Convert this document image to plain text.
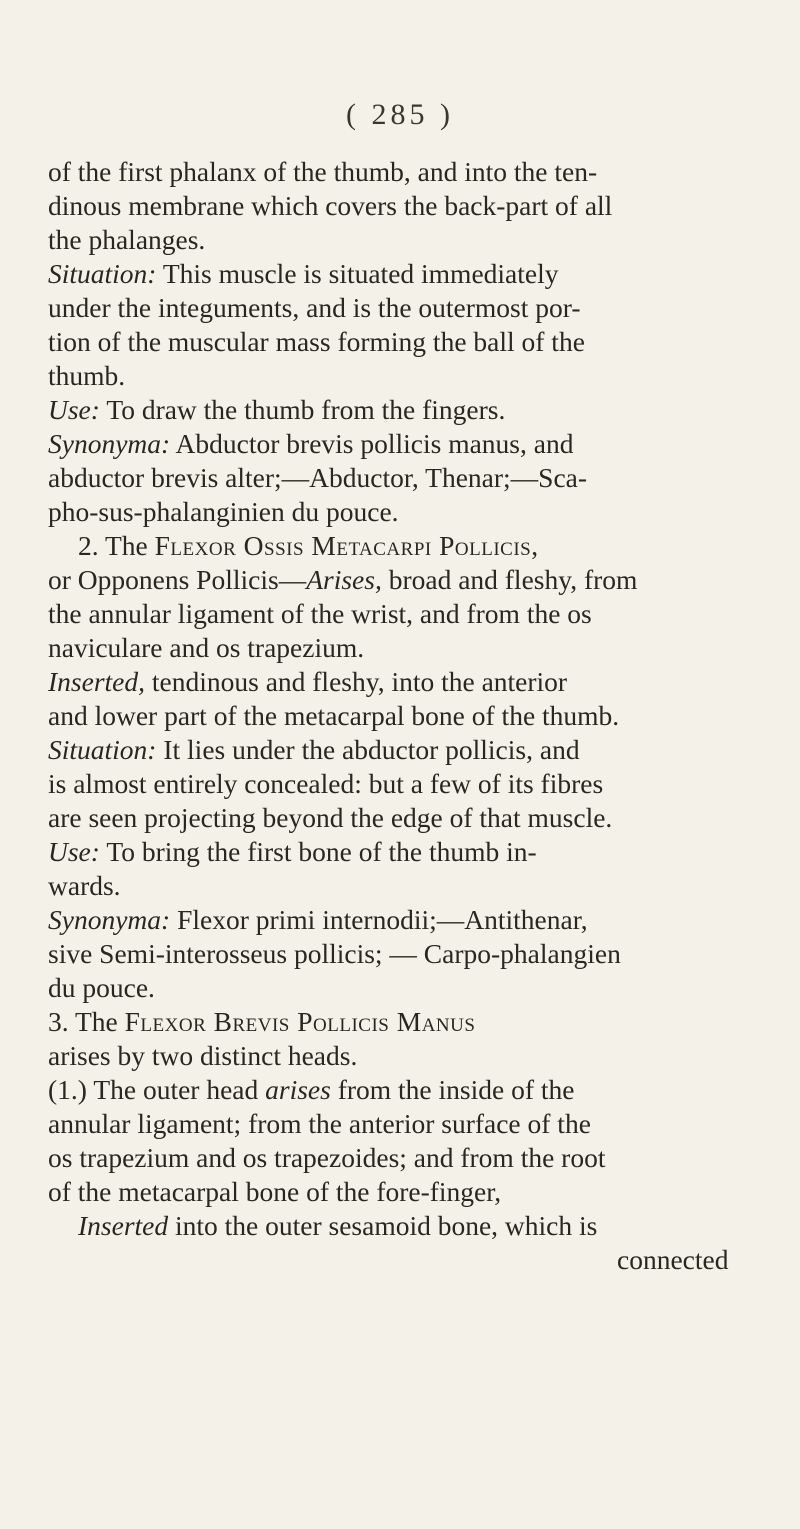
( 285 )
of the first phalanx of the thumb, and into the ten-
dinous membrane which covers the back-part of all
the phalanges.
Situation: This muscle is situated immediately
under the integuments, and is the outermost por-
tion of the muscular mass forming the ball of the
thumb.
Use: To draw the thumb from the fingers.
Synonyma: Abductor brevis pollicis manus, and
abductor brevis alter;—Abductor, Thenar;—Sca-
pho-sus-phalanginien du pouce.
2. The Flexor Ossis Metacarpi Pollicis,
or Opponens Pollicis—Arises, broad and fleshy, from
the annular ligament of the wrist, and from the os
naviculare and os trapezium.
Inserted, tendinous and fleshy, into the anterior
and lower part of the metacarpal bone of the thumb.
Situation: It lies under the abductor pollicis, and
is almost entirely concealed: but a few of its fibres
are seen projecting beyond the edge of that muscle.
Use: To bring the first bone of the thumb in-
wards.
Synonyma: Flexor primi internodii;—Antithenar,
sive Semi-interosseus pollicis; — Carpo-phalangien
du pouce.
3. The Flexor Brevis Pollicis Manus
arises by two distinct heads.
(1.) The outer head arises from the inside of the
annular ligament; from the anterior surface of the
os trapezium and os trapezoides; and from the root
of the metacarpal bone of the fore-finger,
Inserted into the outer sesamoid bone, which is
connected
